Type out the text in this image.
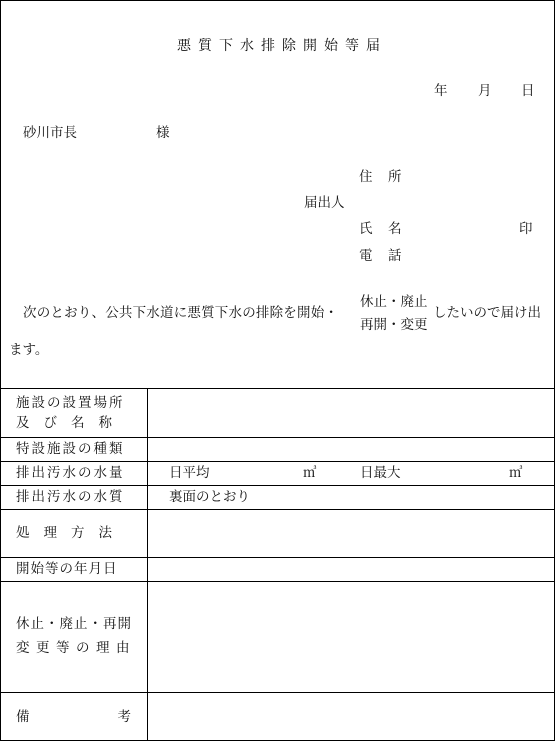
悪質下水排除開始等届
年 月 日
砂川市長	様
届出人
住 所
氏 名	印
電 話
次のとおり、公共下水道に悪質下水の排除を開始・
休止・廃止
再開・変更
したいので届け出
ます。
施設の設置場所
及び名称
特設施設の種類
排出汚水の水量	日平均	㎥	日最大	㎥
排出汚水の水質	裏面のとおり
処理方法
開始等の年月日
休止・廃止・再開
変更等の理由
備考
